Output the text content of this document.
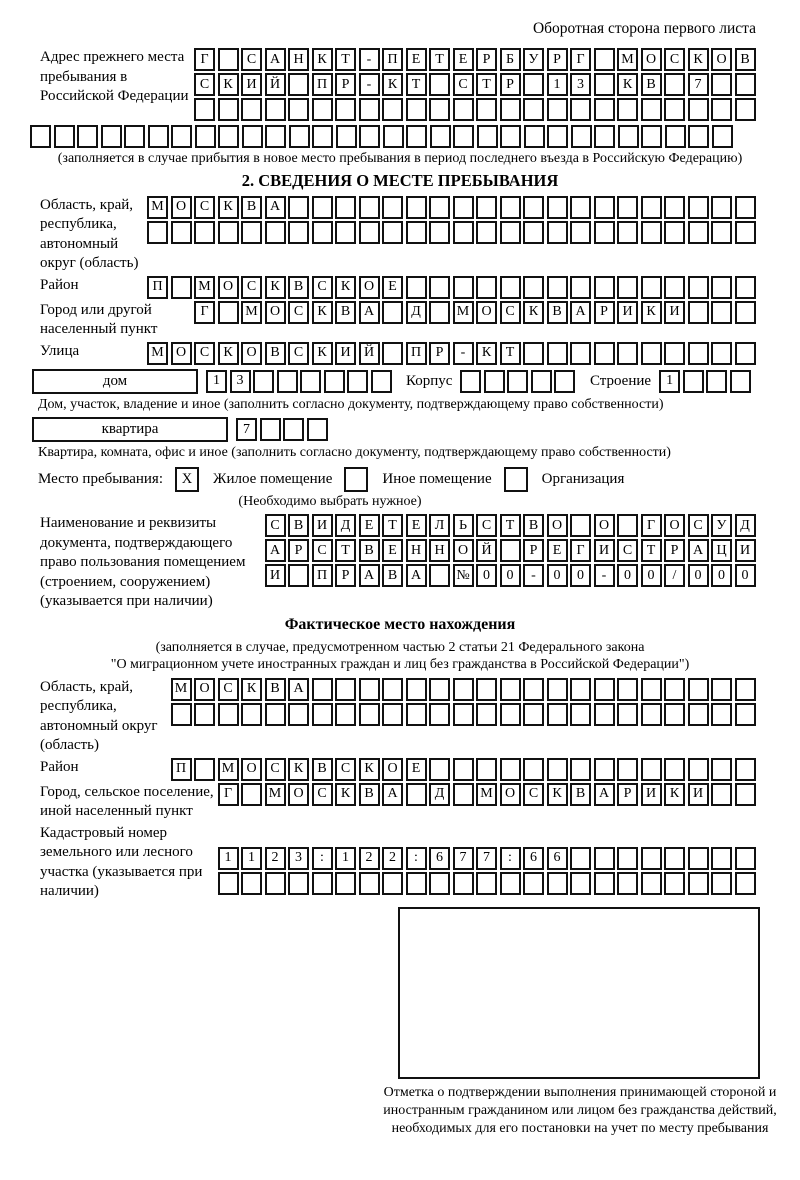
Оборотная сторона первого листа
Адрес прежнего места пребывания в Российской Федерации
Г	С А Н К	Т	-	П	Е	Т	Е	Р	Б	У	Р	Г	М О С	К О В
С	К И Й	П	Р	-	К	Т	С	Т	Р	1	3	К	В	7
(заполняется в случае прибытия в новое место пребывания в период последнего въезда в Российскую Федерацию)
2. СВЕДЕНИЯ О МЕСТЕ ПРЕБЫВАНИЯ
Область, край, республика, автономный округ (область)
М О С	К	В А
Район	П	М О С	К	В	С	К О	Е
Город или другой населенный пункт
Г	М О С	К	В А	Д	М О С	К	В А	Р	И К И
Улица	М О С	К О В	С	К И Й	П	Р	-	К	Т
дом	1	3	Корпус	Строение	1
Дом, участок, владение и иное (заполнить согласно документу, подтверждающему право собственности)
квартира	7
Квартира, комната, офис и иное (заполнить согласно документу, подтверждающему право собственности)
Место пребывания:	X	Жилое помещение	Иное помещение	Организация
(Необходимо выбрать нужное)
Наименование и реквизиты документа, подтверждающего право пользования помещением (строением, сооружением) (указывается при наличии)
С	В И Д	Е	Т	Е	Л	Ь	С	Т	В О	О	Г	О С У Д
А	Р	С	Т	В	Е	Н Н О Й	Р	Е	Г	И С	Т	Р	А Ц И
И	П	Р	А В А	№ 0	0	-	0	0	-	0	0	/	0	0	0
Фактическое место нахождения
(заполняется в случае, предусмотренном частью 2 статьи 21 Федерального закона
"О миграционном учете иностранных граждан и лиц без гражданства в Российской Федерации")
Область, край, республика, автономный округ (область)
М О С	К	В А
Район	П	М О С	К	В	С	К О	Е
Город, сельское поселение, иной населенный пункт
Г	М О С	К	В А	Д	М О С	К	В А	Р	И К И
Кадастровый номер земельного или лесного участка (указывается при наличии)
1	1	2	3	:	1	2	2	:	6	7	7	:	6	6
Отметка о подтверждении выполнения принимающей стороной и иностранным гражданином или лицом без гражданства действий, необходимых для его постановки на учет по месту пребывания
